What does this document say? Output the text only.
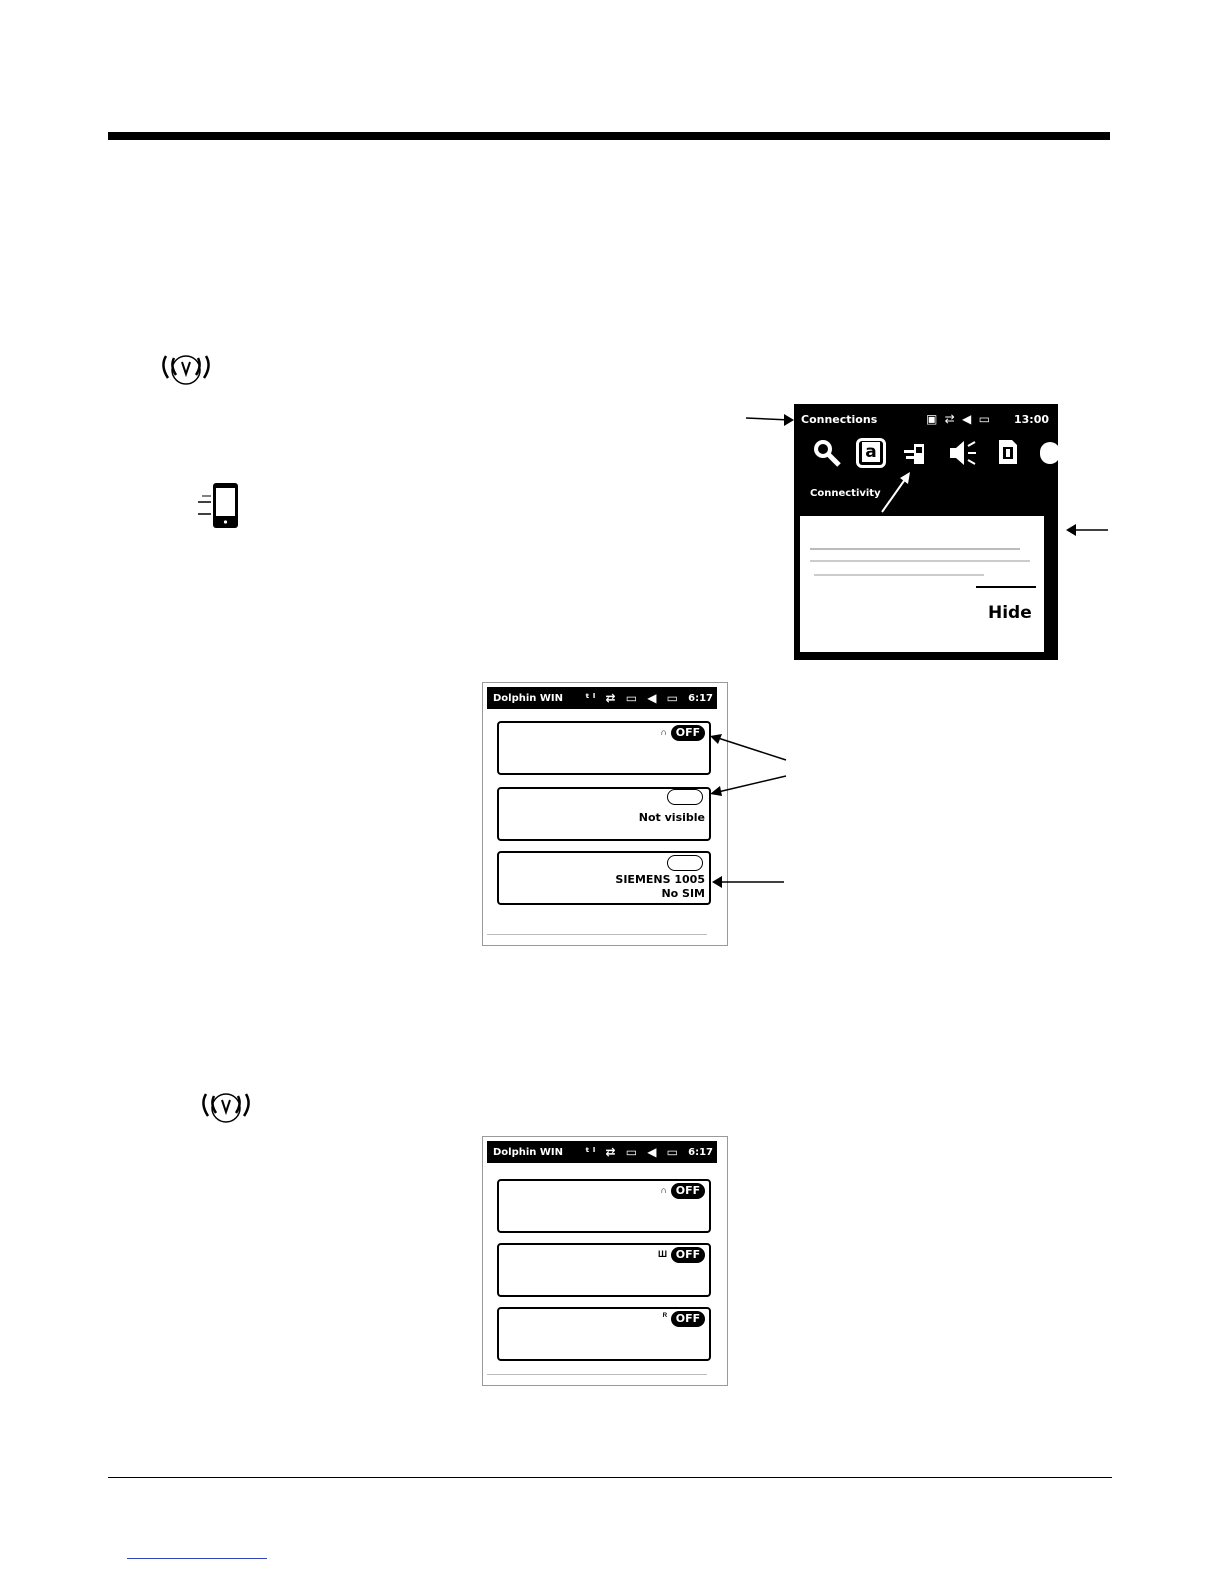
Connections	▣ ⇄ ◀ ▭ 13:00
a
Connectivity
Hide
Dolphin WIN ᵗˡ ⇄ ▭ ◀ ▭ 6:17
∩ OFF
Not visible
SIEMENS 1005
No SIM
Dolphin WIN ᵗˡ ⇄ ▭ ◀ ▭ 6:17
∩ OFF
Ш OFF
ᴿ OFF
